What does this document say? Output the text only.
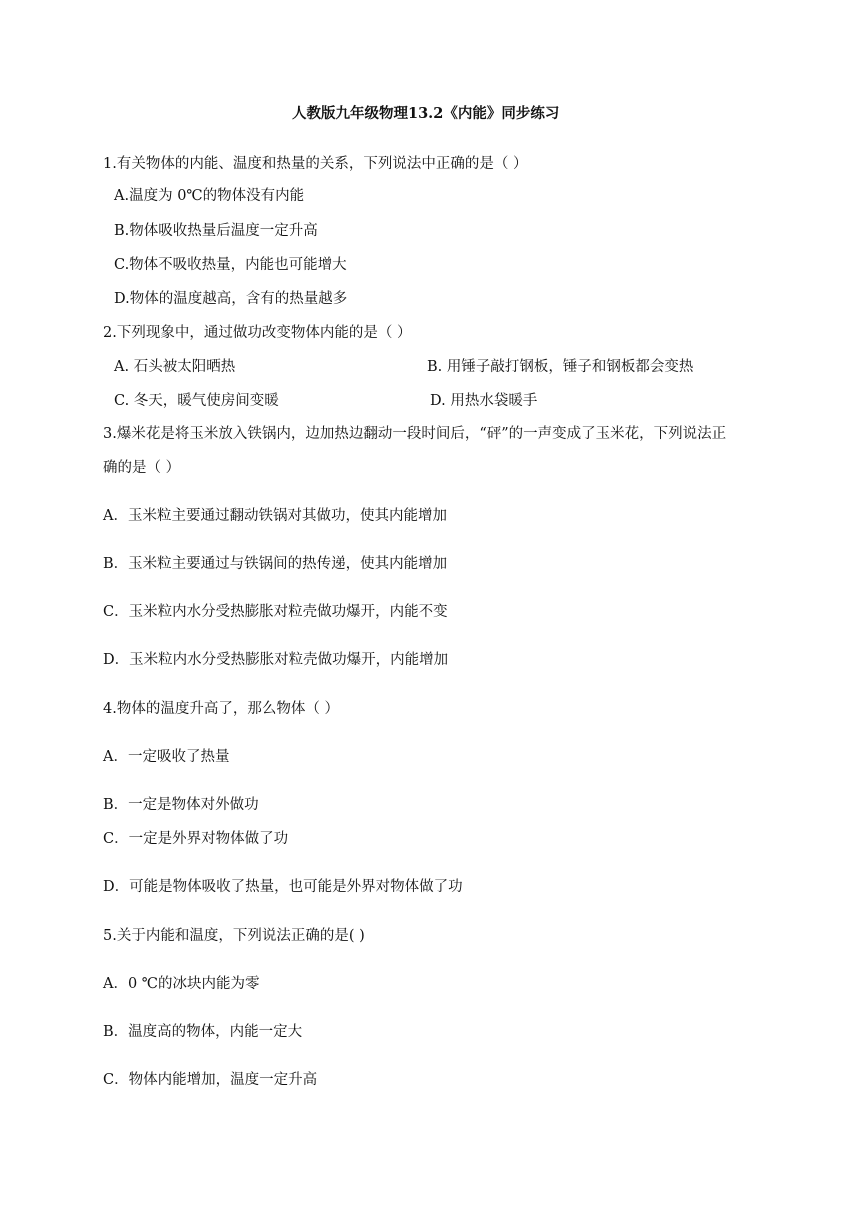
人教版九年级物理13.2《内能》同步练习
1.有关物体的内能、温度和热量的关系，下列说法中正确的是（ ）
A.温度为 0℃的物体没有内能
B.物体吸收热量后温度一定升高
C.物体不吸收热量，内能也可能增大
D.物体的温度越高，含有的热量越多
2.下列现象中，通过做功改变物体内能的是（ ）
A. 石头被太阳晒热	B. 用锤子敲打钢板，锤子和钢板都会变热
C. 冬天，暖气使房间变暖	D. 用热水袋暖手
3.爆米花是将玉米放入铁锅内，边加热边翻动一段时间后，“砰”的一声变成了玉米花，下列说法正
确的是（ ）
A．玉米粒主要通过翻动铁锅对其做功，使其内能增加
B．玉米粒主要通过与铁锅间的热传递，使其内能增加
C．玉米粒内水分受热膨胀对粒壳做功爆开，内能不变
D．玉米粒内水分受热膨胀对粒壳做功爆开，内能增加
4.物体的温度升高了，那么物体（ ）
A．一定吸收了热量
B．一定是物体对外做功
C．一定是外界对物体做了功
D．可能是物体吸收了热量，也可能是外界对物体做了功
5.关于内能和温度，下列说法正确的是( )
A．0 ℃的冰块内能为零
B．温度高的物体，内能一定大
C．物体内能增加，温度一定升高
